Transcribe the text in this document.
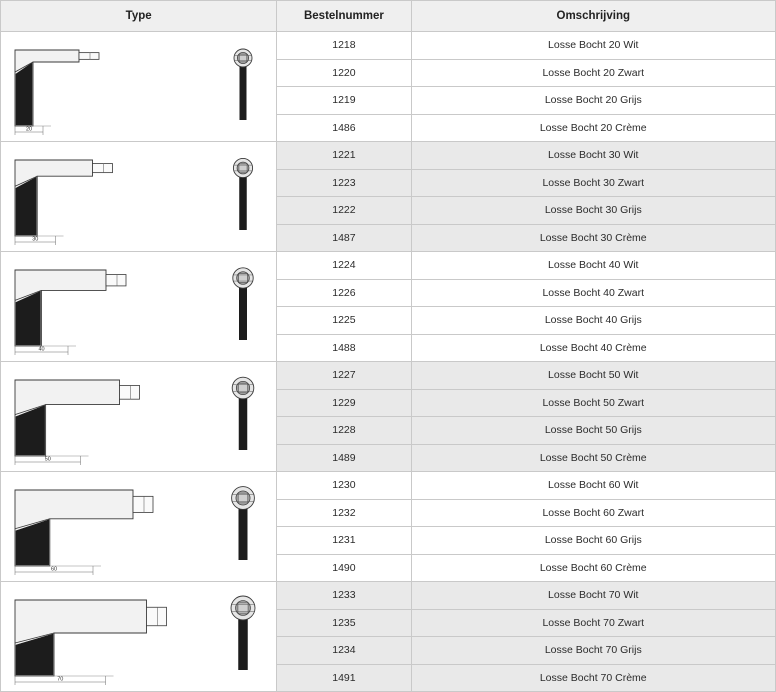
Type	Bestelnummer	Omschrijving

20	1218	Losse Bocht 20 Wit
	1220	Losse Bocht 20 Zwart
	1219	Losse Bocht 20 Grijs
	1486	Losse Bocht 20 Crème

30	1221	Losse Bocht 30 Wit
	1223	Losse Bocht 30 Zwart
	1222	Losse Bocht 30 Grijs
	1487	Losse Bocht 30 Crème

40	1224	Losse Bocht 40 Wit
	1226	Losse Bocht 40 Zwart
	1225	Losse Bocht 40 Grijs
	1488	Losse Bocht 40 Crème

50	1227	Losse Bocht 50 Wit
	1229	Losse Bocht 50 Zwart
	1228	Losse Bocht 50 Grijs
	1489	Losse Bocht 50 Crème

60	1230	Losse Bocht 60 Wit
	1232	Losse Bocht 60 Zwart
	1231	Losse Bocht 60 Grijs
	1490	Losse Bocht 60 Crème

70	1233	Losse Bocht 70 Wit
	1235	Losse Bocht 70 Zwart
	1234	Losse Bocht 70 Grijs
	1491	Losse Bocht 70 Crème
